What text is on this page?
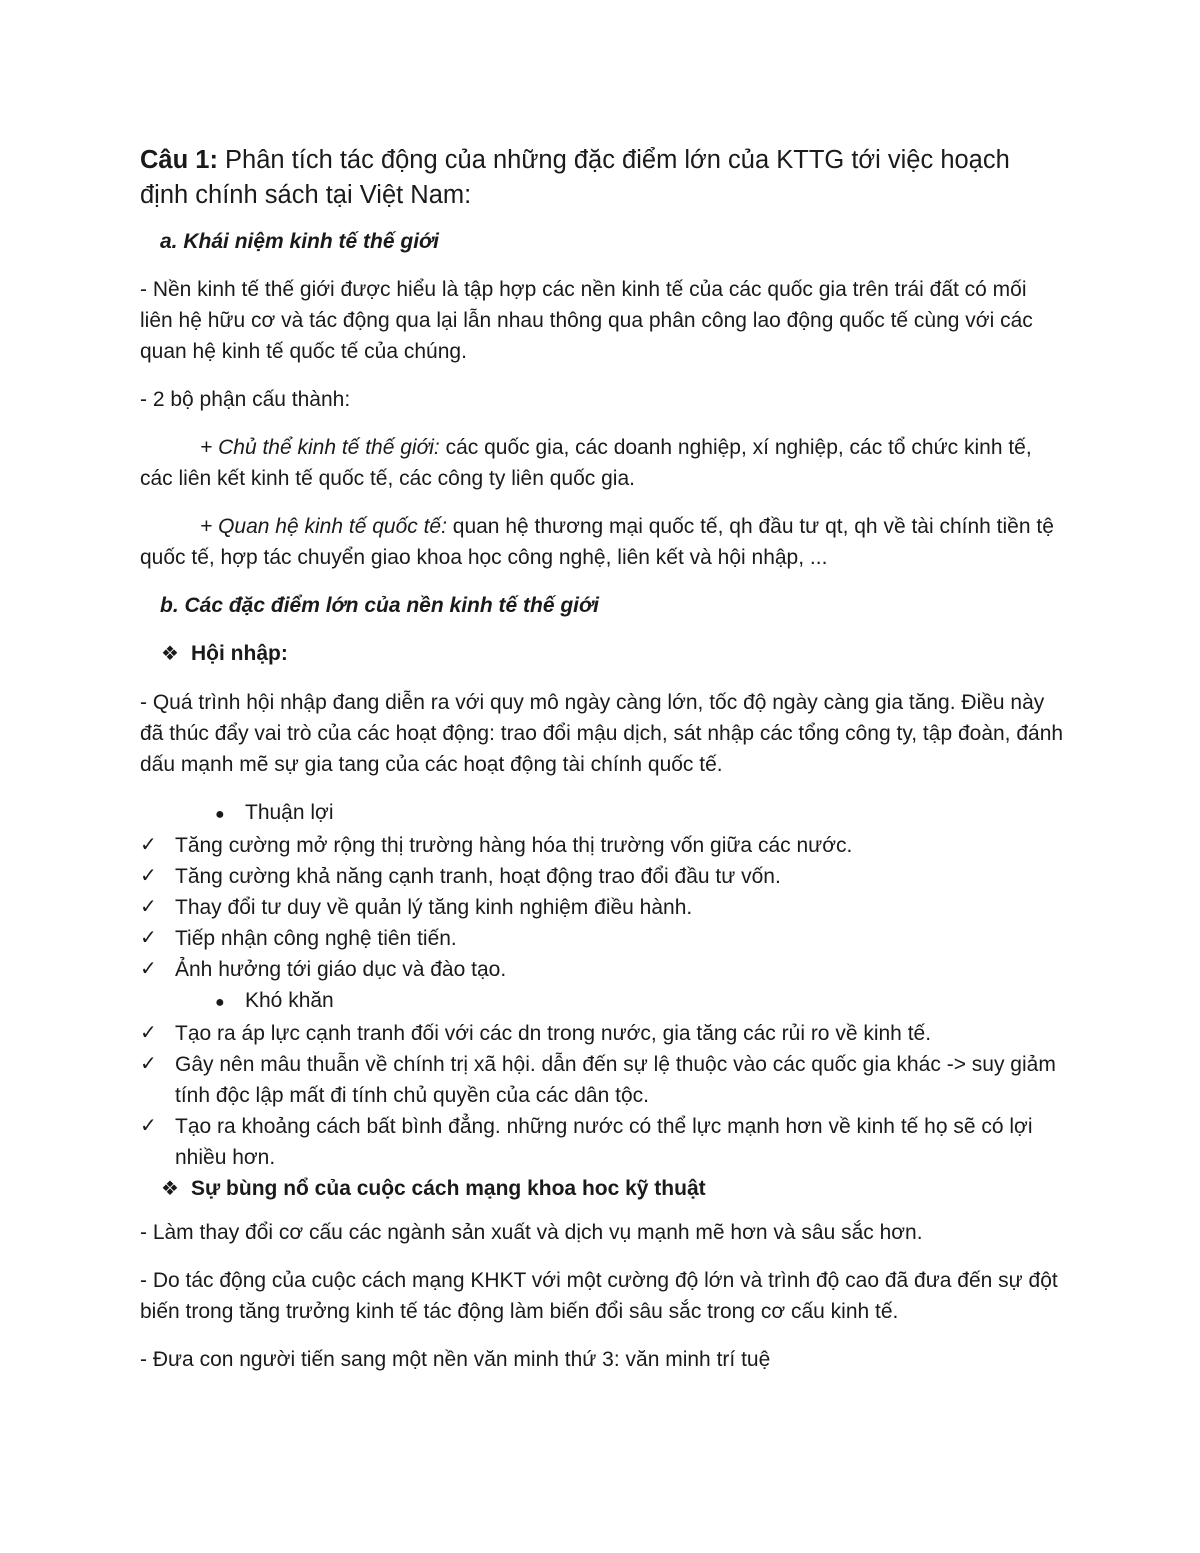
Câu 1: Phân tích tác động của những đặc điểm lớn của KTTG tới việc hoạch định chính sách tại Việt Nam:
a. Khái niệm kinh tế thế giới

- Nền kinh tế thế giới được hiểu là tập hợp các nền kinh tế của các quốc gia trên trái đất có mối liên hệ hữu cơ và tác động qua lại lẫn nhau thông qua phân công lao động quốc tế cùng với các quan hệ kinh tế quốc tế của chúng.

- 2 bộ phận cấu thành:

+ Chủ thể kinh tế thế giới: các quốc gia, các doanh nghiệp, xí nghiệp, các tổ chức kinh tế, các liên kết kinh tế quốc tế, các công ty liên quốc gia.

+ Quan hệ kinh tế quốc tế: quan hệ thương mại quốc tế, qh đầu tư qt, qh về tài chính tiền tệ quốc tế, hợp tác chuyển giao khoa học công nghệ, liên kết và hội nhập, ...

b. Các đặc điểm lớn của nền kinh tế thế giới
❖ Hội nhập:

- Quá trình hội nhập đang diễn ra với quy mô ngày càng lớn, tốc độ ngày càng gia tăng. Điều này đã thúc đẩy vai trò của các hoạt động: trao đổi mậu dịch, sát nhập các tổng công ty, tập đoàn, đánh dấu mạnh mẽ sự gia tang của các hoạt động tài chính quốc tế.

● Thuận lợi
✓ Tăng cường mở rộng thị trường hàng hóa thị trường vốn giữa các nước.
✓ Tăng cường khả năng cạnh tranh, hoạt động trao đổi đầu tư vốn.
✓ Thay đổi tư duy về quản lý tăng kinh nghiệm điều hành.
✓ Tiếp nhận công nghệ tiên tiến.
✓ Ảnh hưởng tới giáo dục và đào tạo.
● Khó khăn
✓ Tạo ra áp lực cạnh tranh đối với các dn trong nước, gia tăng các rủi ro về kinh tế.
✓ Gây nên mâu thuẫn về chính trị xã hội. dẫn đến sự lệ thuộc vào các quốc gia khác -> suy giảm tính độc lập mất đi tính chủ quyền của các dân tộc.
✓ Tạo ra khoảng cách bất bình đẳng. những nước có thể lực mạnh hơn về kinh tế họ sẽ có lợi nhiều hơn.
❖ Sự bùng nổ của cuộc cách mạng khoa hoc kỹ thuật

- Làm thay đổi cơ cấu các ngành sản xuất và dịch vụ mạnh mẽ hơn và sâu sắc hơn.

- Do tác động của cuộc cách mạng KHKT với một cường độ lớn và trình độ cao đã đưa đến sự đột biến trong tăng trưởng kinh tế tác động làm biến đổi sâu sắc trong cơ cấu kinh tế.

- Đưa con người tiến sang một nền văn minh thứ 3: văn minh trí tuệ
